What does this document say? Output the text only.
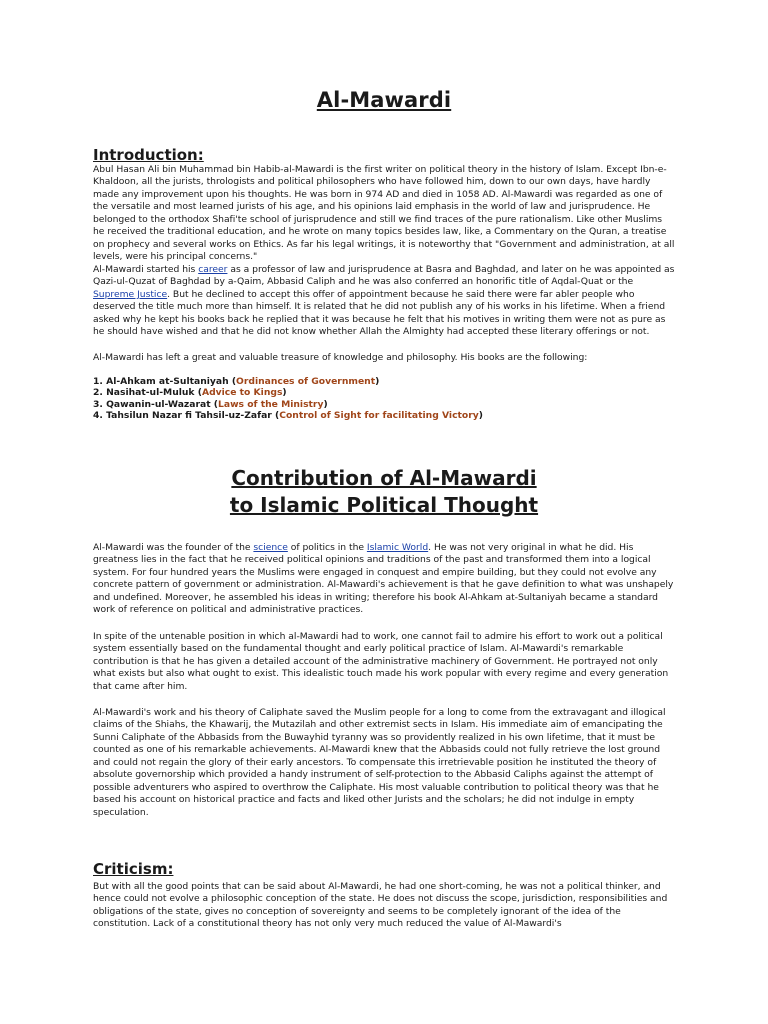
Al-Mawardi
Introduction:

Abul Hasan Ali bin Muhammad bin Habib-al-Mawardi is the first writer on political theory in the history of Islam. Except Ibn-e-Khaldoon, all the jurists, thrologists and political philosophers who have followed him, down to our own days, have hardly made any improvement upon his thoughts. He was born in 974 AD and died in 1058 AD. Al-Mawardi was regarded as one of the versatile and most learned jurists of his age, and his opinions laid emphasis in the world of law and jurisprudence. He belonged to the orthodox Shafi'te school of jurisprudence and still we find traces of the pure rationalism. Like other Muslims he received the traditional education, and he wrote on many topics besides law, like, a Commentary on the Quran, a treatise on prophecy and several works on Ethics. As far his legal writings, it is noteworthy that "Government and administration, at all levels, were his principal concerns."

Al-Mawardi started his career as a professor of law and jurisprudence at Basra and Baghdad, and later on he was appointed as Qazi-ul-Quzat of Baghdad by a-Qaim, Abbasid Caliph and he was also conferred an honorific title of Aqdal-Quat or the Supreme Justice. But he declined to accept this offer of appointment because he said there were far abler people who deserved the title much more than himself. It is related that he did not publish any of his works in his lifetime. When a friend asked why he kept his books back he replied that it was because he felt that his motives in writing them were not as pure as he should have wished and that he did not know whether Allah the Almighty had accepted these literary offerings or not.

Al-Mawardi has left a great and valuable treasure of knowledge and philosophy. His books are the following:

1. Al-Ahkam at-Sultaniyah (Ordinances of Government)
2. Nasihat-ul-Muluk (Advice to Kings)
3. Qawanin-ul-Wazarat (Laws of the Ministry)
4. Tahsilun Nazar fi Tahsil-uz-Zafar (Control of Sight for facilitating Victory)
Contribution of Al-Mawardi
to Islamic Political Thought

Al-Mawardi was the founder of the science of politics in the Islamic World. He was not very original in what he did. His greatness lies in the fact that he received political opinions and traditions of the past and transformed them into a logical system. For four hundred years the Muslims were engaged in conquest and empire building, but they could not evolve any concrete pattern of government or administration. Al-Mawardi's achievement is that he gave definition to what was unshapely and undefined. Moreover, he assembled his ideas in writing; therefore his book Al-Ahkam at-Sultaniyah became a standard work of reference on political and administrative practices.

In spite of the untenable position in which al-Mawardi had to work, one cannot fail to admire his effort to work out a political system essentially based on the fundamental thought and early political practice of Islam. Al-Mawardi's remarkable contribution is that he has given a detailed account of the administrative machinery of Government. He portrayed not only what exists but also what ought to exist. This idealistic touch made his work popular with every regime and every generation that came after him.

Al-Mawardi's work and his theory of Caliphate saved the Muslim people for a long to come from the extravagant and illogical claims of the Shiahs, the Khawarij, the Mutazilah and other extremist sects in Islam. His immediate aim of emancipating the Sunni Caliphate of the Abbasids from the Buwayhid tyranny was so providently realized in his own lifetime, that it must be counted as one of his remarkable achievements. Al-Mawardi knew that the Abbasids could not fully retrieve the lost ground and could not regain the glory of their early ancestors. To compensate this irretrievable position he instituted the theory of absolute governorship which provided a handy instrument of self-protection to the Abbasid Caliphs against the attempt of possible adventurers who aspired to overthrow the Caliphate. His most valuable contribution to political theory was that he based his account on historical practice and facts and liked other Jurists and the scholars; he did not indulge in empty speculation.

Criticism:

But with all the good points that can be said about Al-Mawardi, he had one short-coming, he was not a political thinker, and hence could not evolve a philosophic conception of the state. He does not discuss the scope, jurisdiction, responsibilities and obligations of the state, gives no conception of sovereignty and seems to be completely ignorant of the idea of the constitution. Lack of a constitutional theory has not only very much reduced the value of Al-Mawardi's
